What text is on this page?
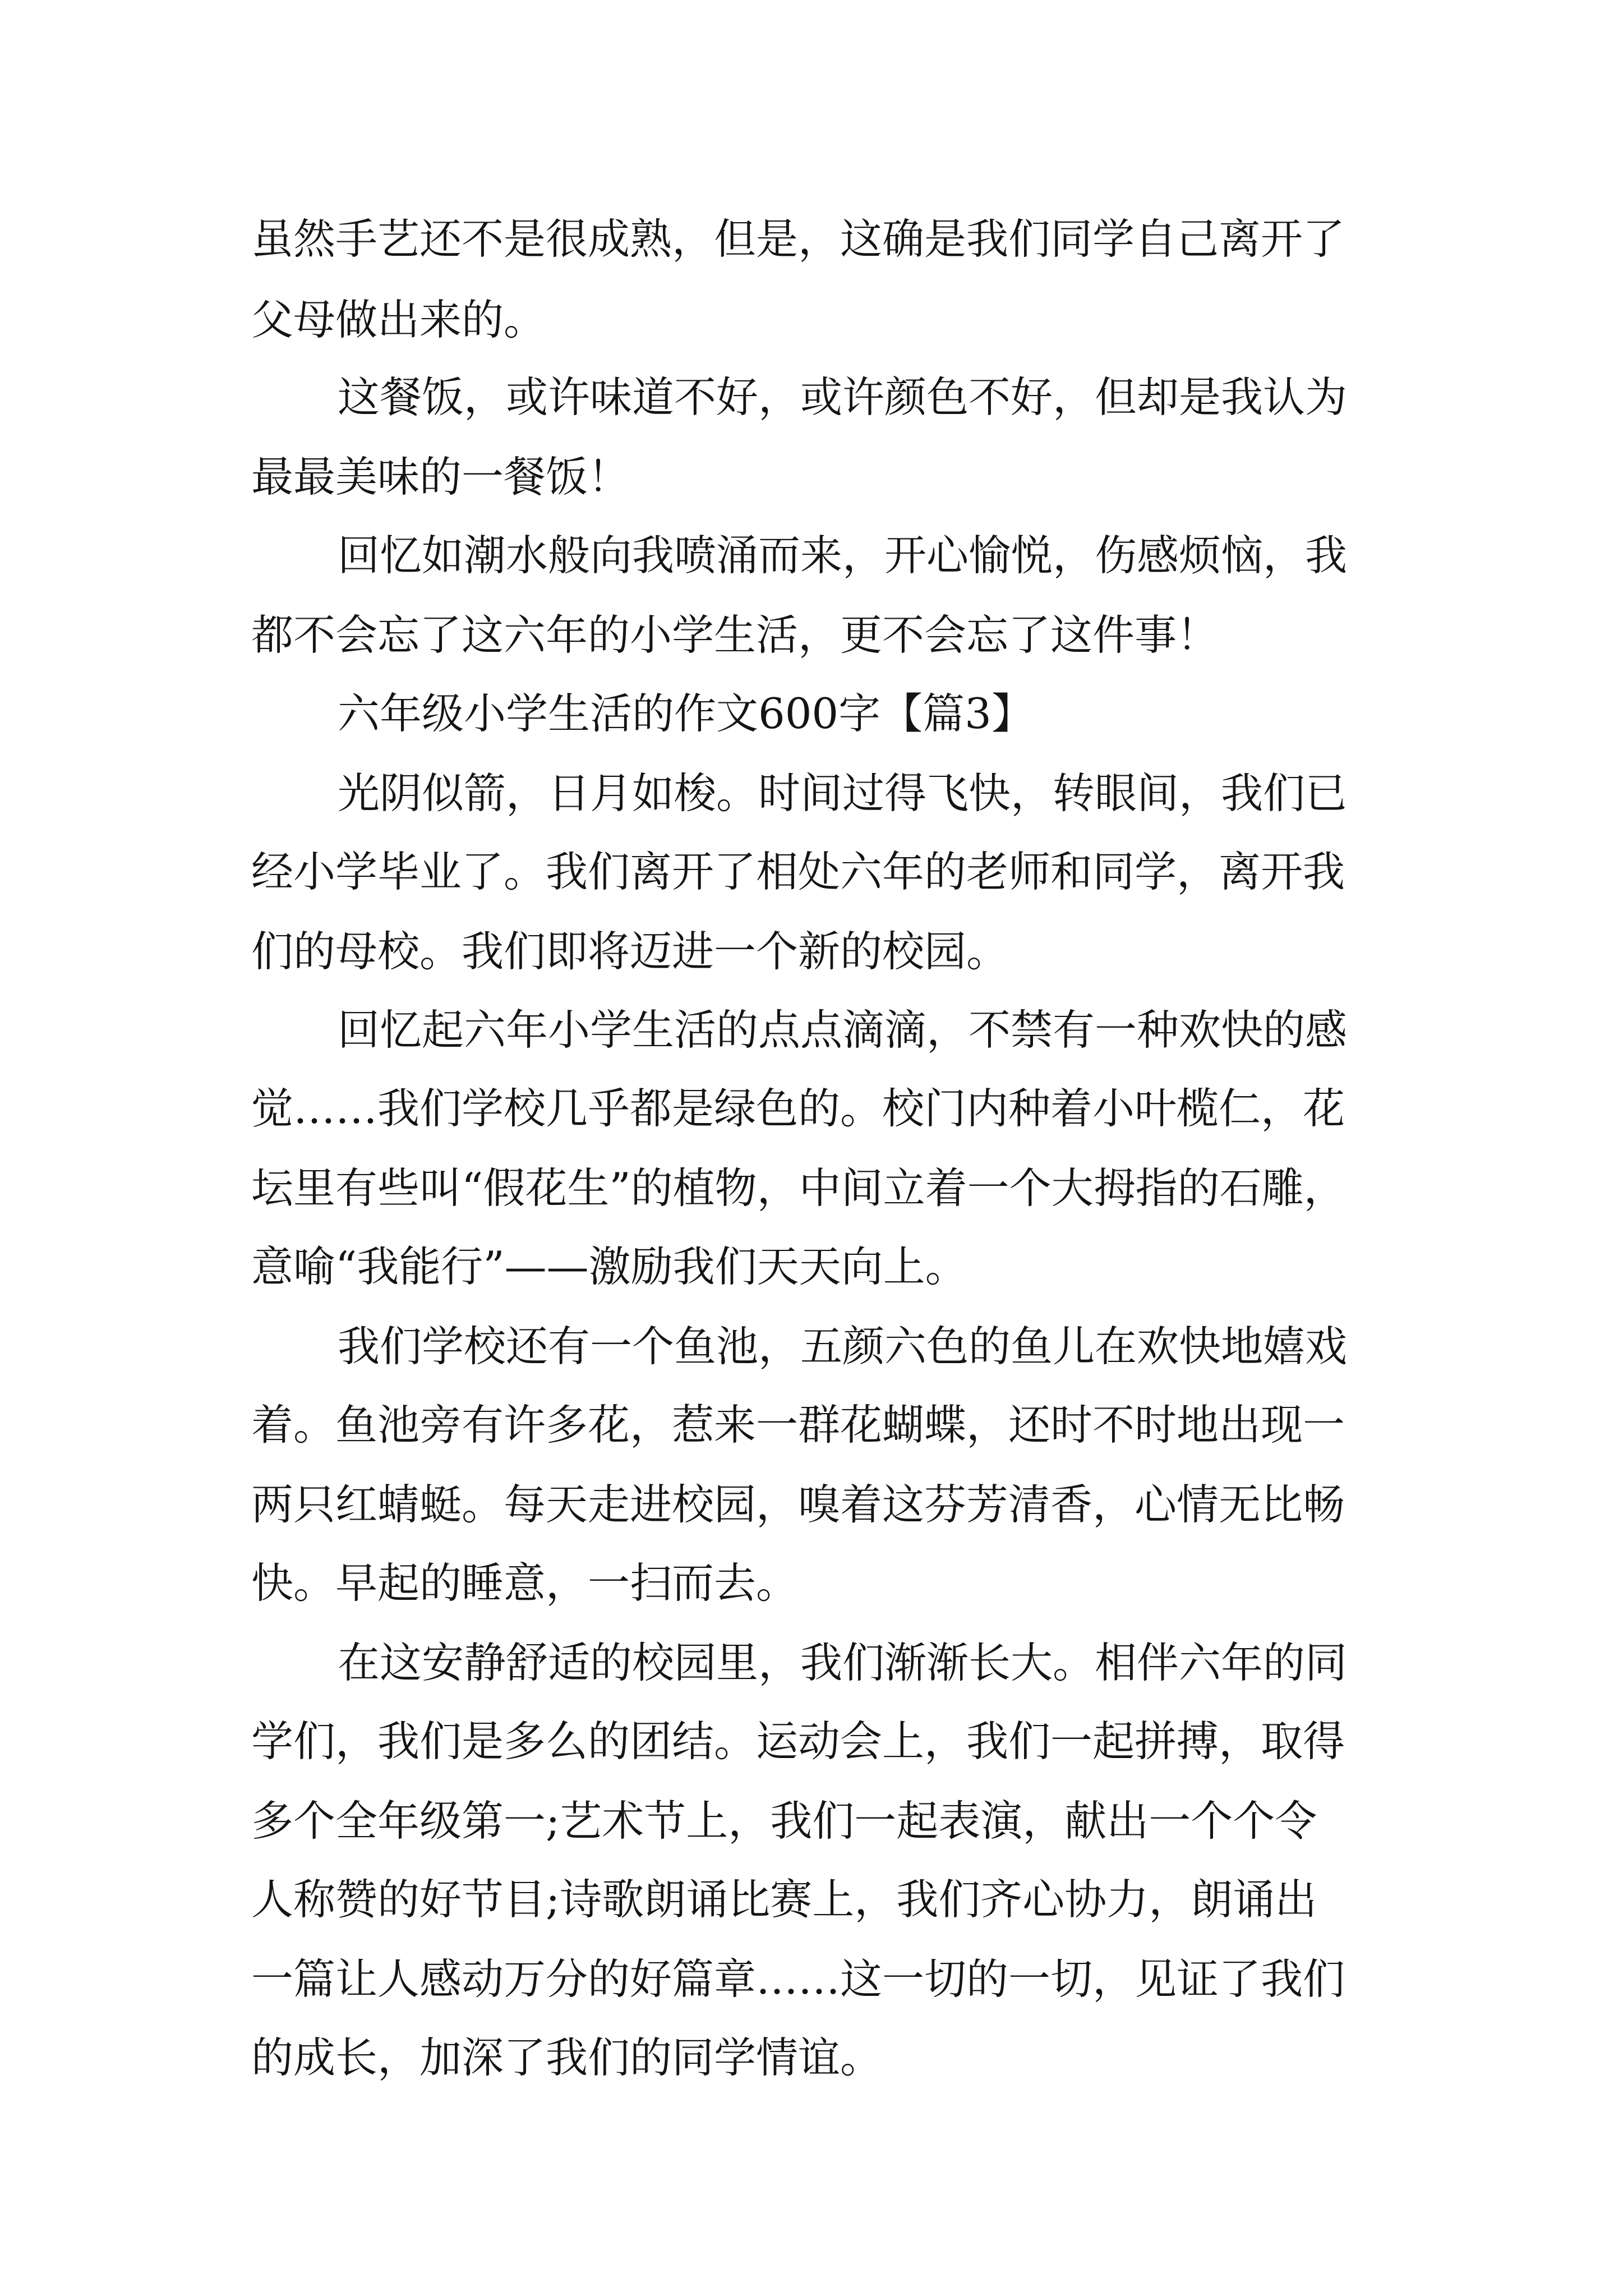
虽然手艺还不是很成熟，但是，这确是我们同学自己离开了
父母做出来的。
这餐饭，或许味道不好，或许颜色不好，但却是我认为
最最美味的一餐饭！
回忆如潮水般向我喷涌而来，开心愉悦，伤感烦恼，我
都不会忘了这六年的小学生活，更不会忘了这件事！
六年级小学生活的作文600字【篇3】
光阴似箭，日月如梭。时间过得飞快，转眼间，我们已
经小学毕业了。我们离开了相处六年的老师和同学，离开我
们的母校。我们即将迈进一个新的校园。
回忆起六年小学生活的点点滴滴，不禁有一种欢快的感
觉……我们学校几乎都是绿色的。校门内种着小叶榄仁，花
坛里有些叫“假花生”的植物，中间立着一个大拇指的石雕，
意喻“我能行”——激励我们天天向上。
我们学校还有一个鱼池，五颜六色的鱼儿在欢快地嬉戏
着。鱼池旁有许多花，惹来一群花蝴蝶，还时不时地出现一
两只红蜻蜓。每天走进校园，嗅着这芬芳清香，心情无比畅
快。早起的睡意，一扫而去。
在这安静舒适的校园里，我们渐渐长大。相伴六年的同
学们，我们是多么的团结。运动会上，我们一起拼搏，取得
多个全年级第一;艺术节上，我们一起表演，献出一个个令
人称赞的好节目;诗歌朗诵比赛上，我们齐心协力，朗诵出
一篇让人感动万分的好篇章……这一切的一切，见证了我们
的成长，加深了我们的同学情谊。
